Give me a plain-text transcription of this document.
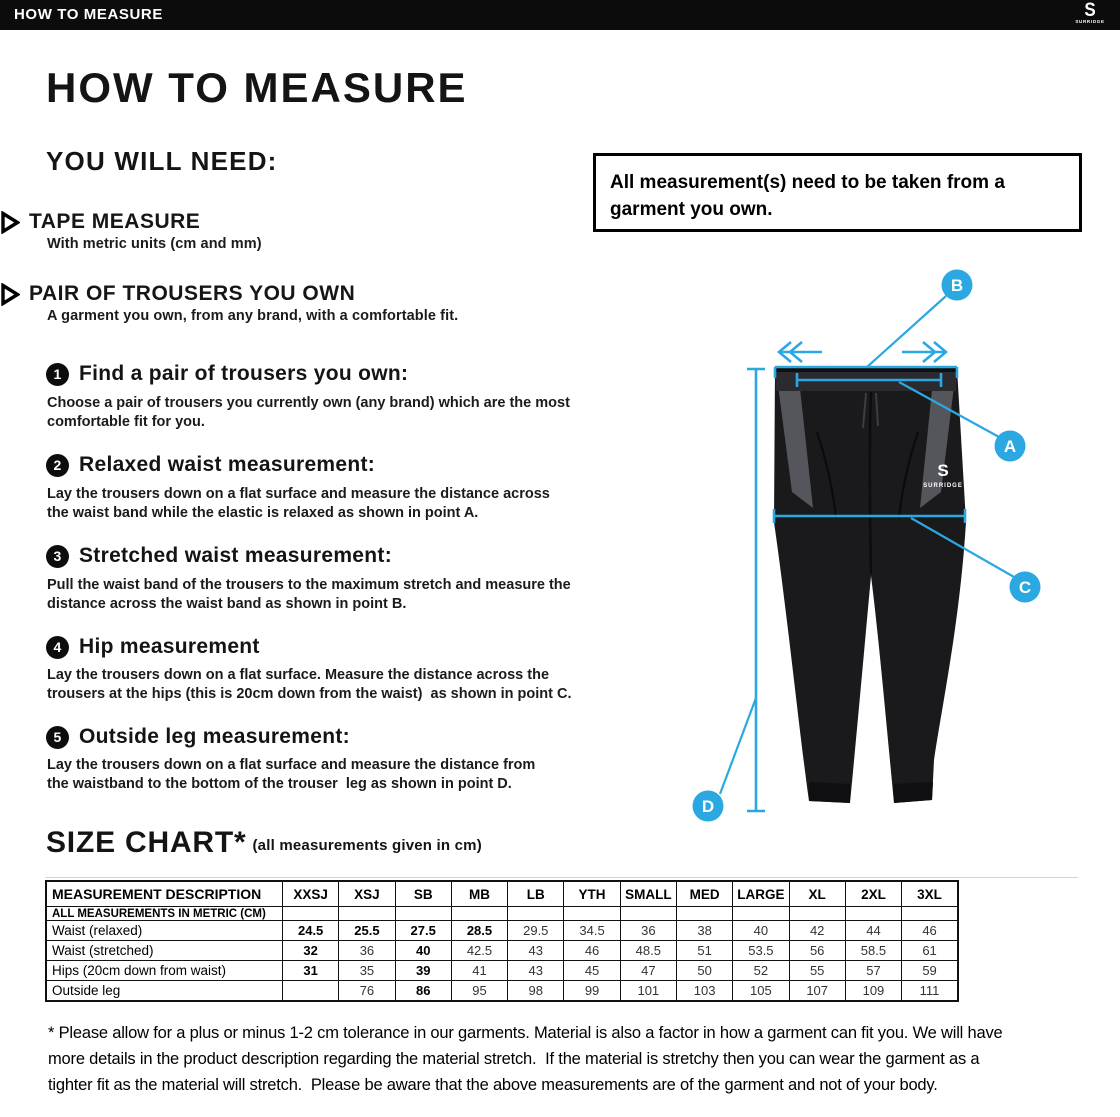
HOW TO MEASURE	S
SURRIDGE
HOW TO MEASURE
YOU WILL NEED:
TAPE MEASURE
With metric units (cm and mm)
PAIR OF TROUSERS YOU OWN
A garment you own, from any brand, with a comfortable fit.
All measurement(s) need to be taken from a
garment you own.
1 Find a pair of trousers you own:
Choose a pair of trousers you currently own (any brand) which are the most
comfortable fit for you.
2 Relaxed waist measurement:
Lay the trousers down on a flat surface and measure the distance across
the waist band while the elastic is relaxed as shown in point A.
3 Stretched waist measurement:
Pull the waist band of the trousers to the maximum stretch and measure the
distance across the waist band as shown in point B.
4 Hip measurement
Lay the trousers down on a flat surface. Measure the distance across the
trousers at the hips (this is 20cm down from the waist)  as shown in point C.
5 Outside leg measurement:
Lay the trousers down on a flat surface and measure the distance from
the waistband to the bottom of the trouser  leg as shown in point D.
S
SURRIDGE
A
B
C
D
SIZE CHART* (all measurements given in cm)
MEASUREMENT DESCRIPTION	XXSJ	XSJ	SB	MB	LB	YTH	SMALL	MED	LARGE	XL	2XL	3XL
ALL MEASUREMENTS IN METRIC (CM)												
Waist (relaxed)	24.5	25.5	27.5	28.5	29.5	34.5	36	38	40	42	44	46
Waist (stretched)	32	36	40	42.5	43	46	48.5	51	53.5	56	58.5	61
Hips (20cm down from waist)	31	35	39	41	43	45	47	50	52	55	57	59
Outside leg		76	86	95	98	99	101	103	105	107	109	111
* Please allow for a plus or minus 1-2 cm tolerance in our garments. Material is also a factor in how a garment can fit you. We will have
more details in the product description regarding the material stretch.  If the material is stretchy then you can wear the garment as a
tighter fit as the material will stretch.  Please be aware that the above measurements are of the garment and not of your body.
